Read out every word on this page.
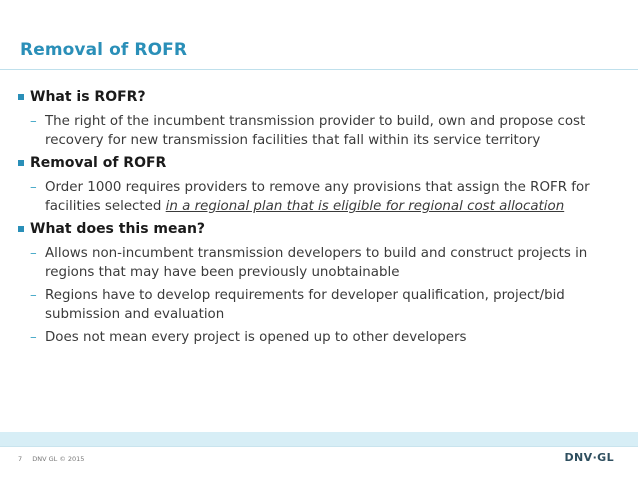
Removal of ROFR

What is ROFR?

– The right of the incumbent transmission provider to build, own and propose cost recovery for new transmission facilities that fall within its service territory

Removal of ROFR

– Order 1000 requires providers to remove any provisions that assign the ROFR for facilities selected in a regional plan that is eligible for regional cost allocation

What does this mean?

– Allows non-incumbent transmission developers to build and construct projects in regions that may have been previously unobtainable

– Regions have to develop requirements for developer qualification, project/bid submission and evaluation

– Does not mean every project is opened up to other developers

7 DNV GL © 2015	DNV·GL
